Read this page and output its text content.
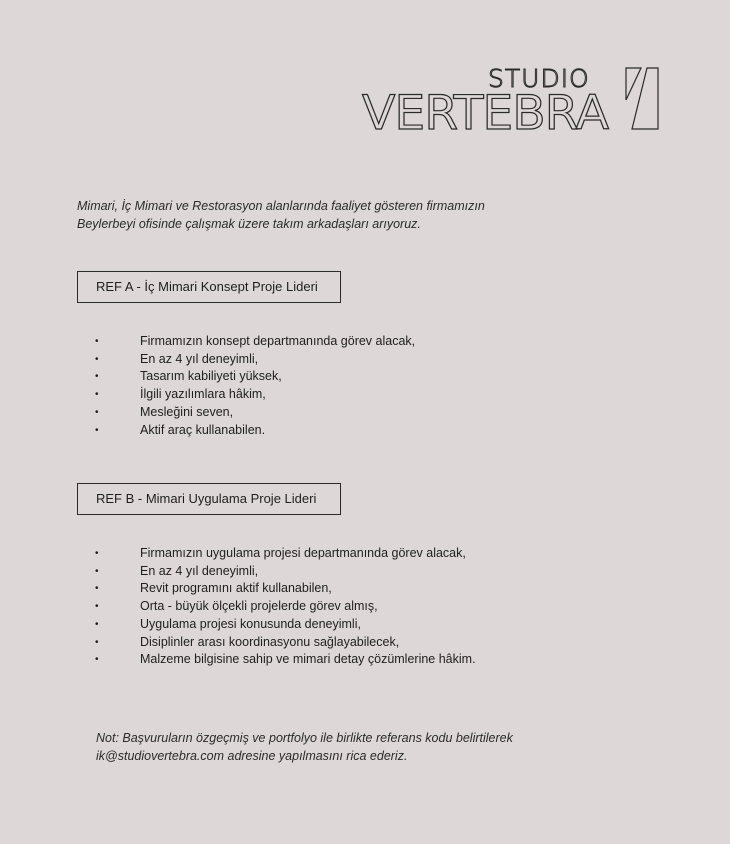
STUDIO
VERTEBRA
Mimari, İç Mimari ve Restorasyon alanlarında faaliyet gösteren firmamızın
Beylerbeyi ofisinde çalışmak üzere takım arkadaşları arıyoruz.
REF A - İç Mimari Konsept Proje Lideri
•	Firmamızın konsept departmanında görev alacak,
•	En az 4 yıl deneyimli,
•	Tasarım kabiliyeti yüksek,
•	İlgili yazılımlara hâkim,
•	Mesleğini seven,
•	Aktif araç kullanabilen.
REF B - Mimari Uygulama Proje Lideri
•	Firmamızın uygulama projesi departmanında görev alacak,
•	En az 4 yıl deneyimli,
•	Revit programını aktif kullanabilen,
•	Orta - büyük ölçekli projelerde görev almış,
•	Uygulama projesi konusunda deneyimli,
•	Disiplinler arası koordinasyonu sağlayabilecek,
•	Malzeme bilgisine sahip ve mimari detay çözümlerine hâkim.
Not: Başvuruların özgeçmiş ve portfolyo ile birlikte referans kodu belirtilerek
ik@studiovertebra.com adresine yapılmasını rica ederiz.
